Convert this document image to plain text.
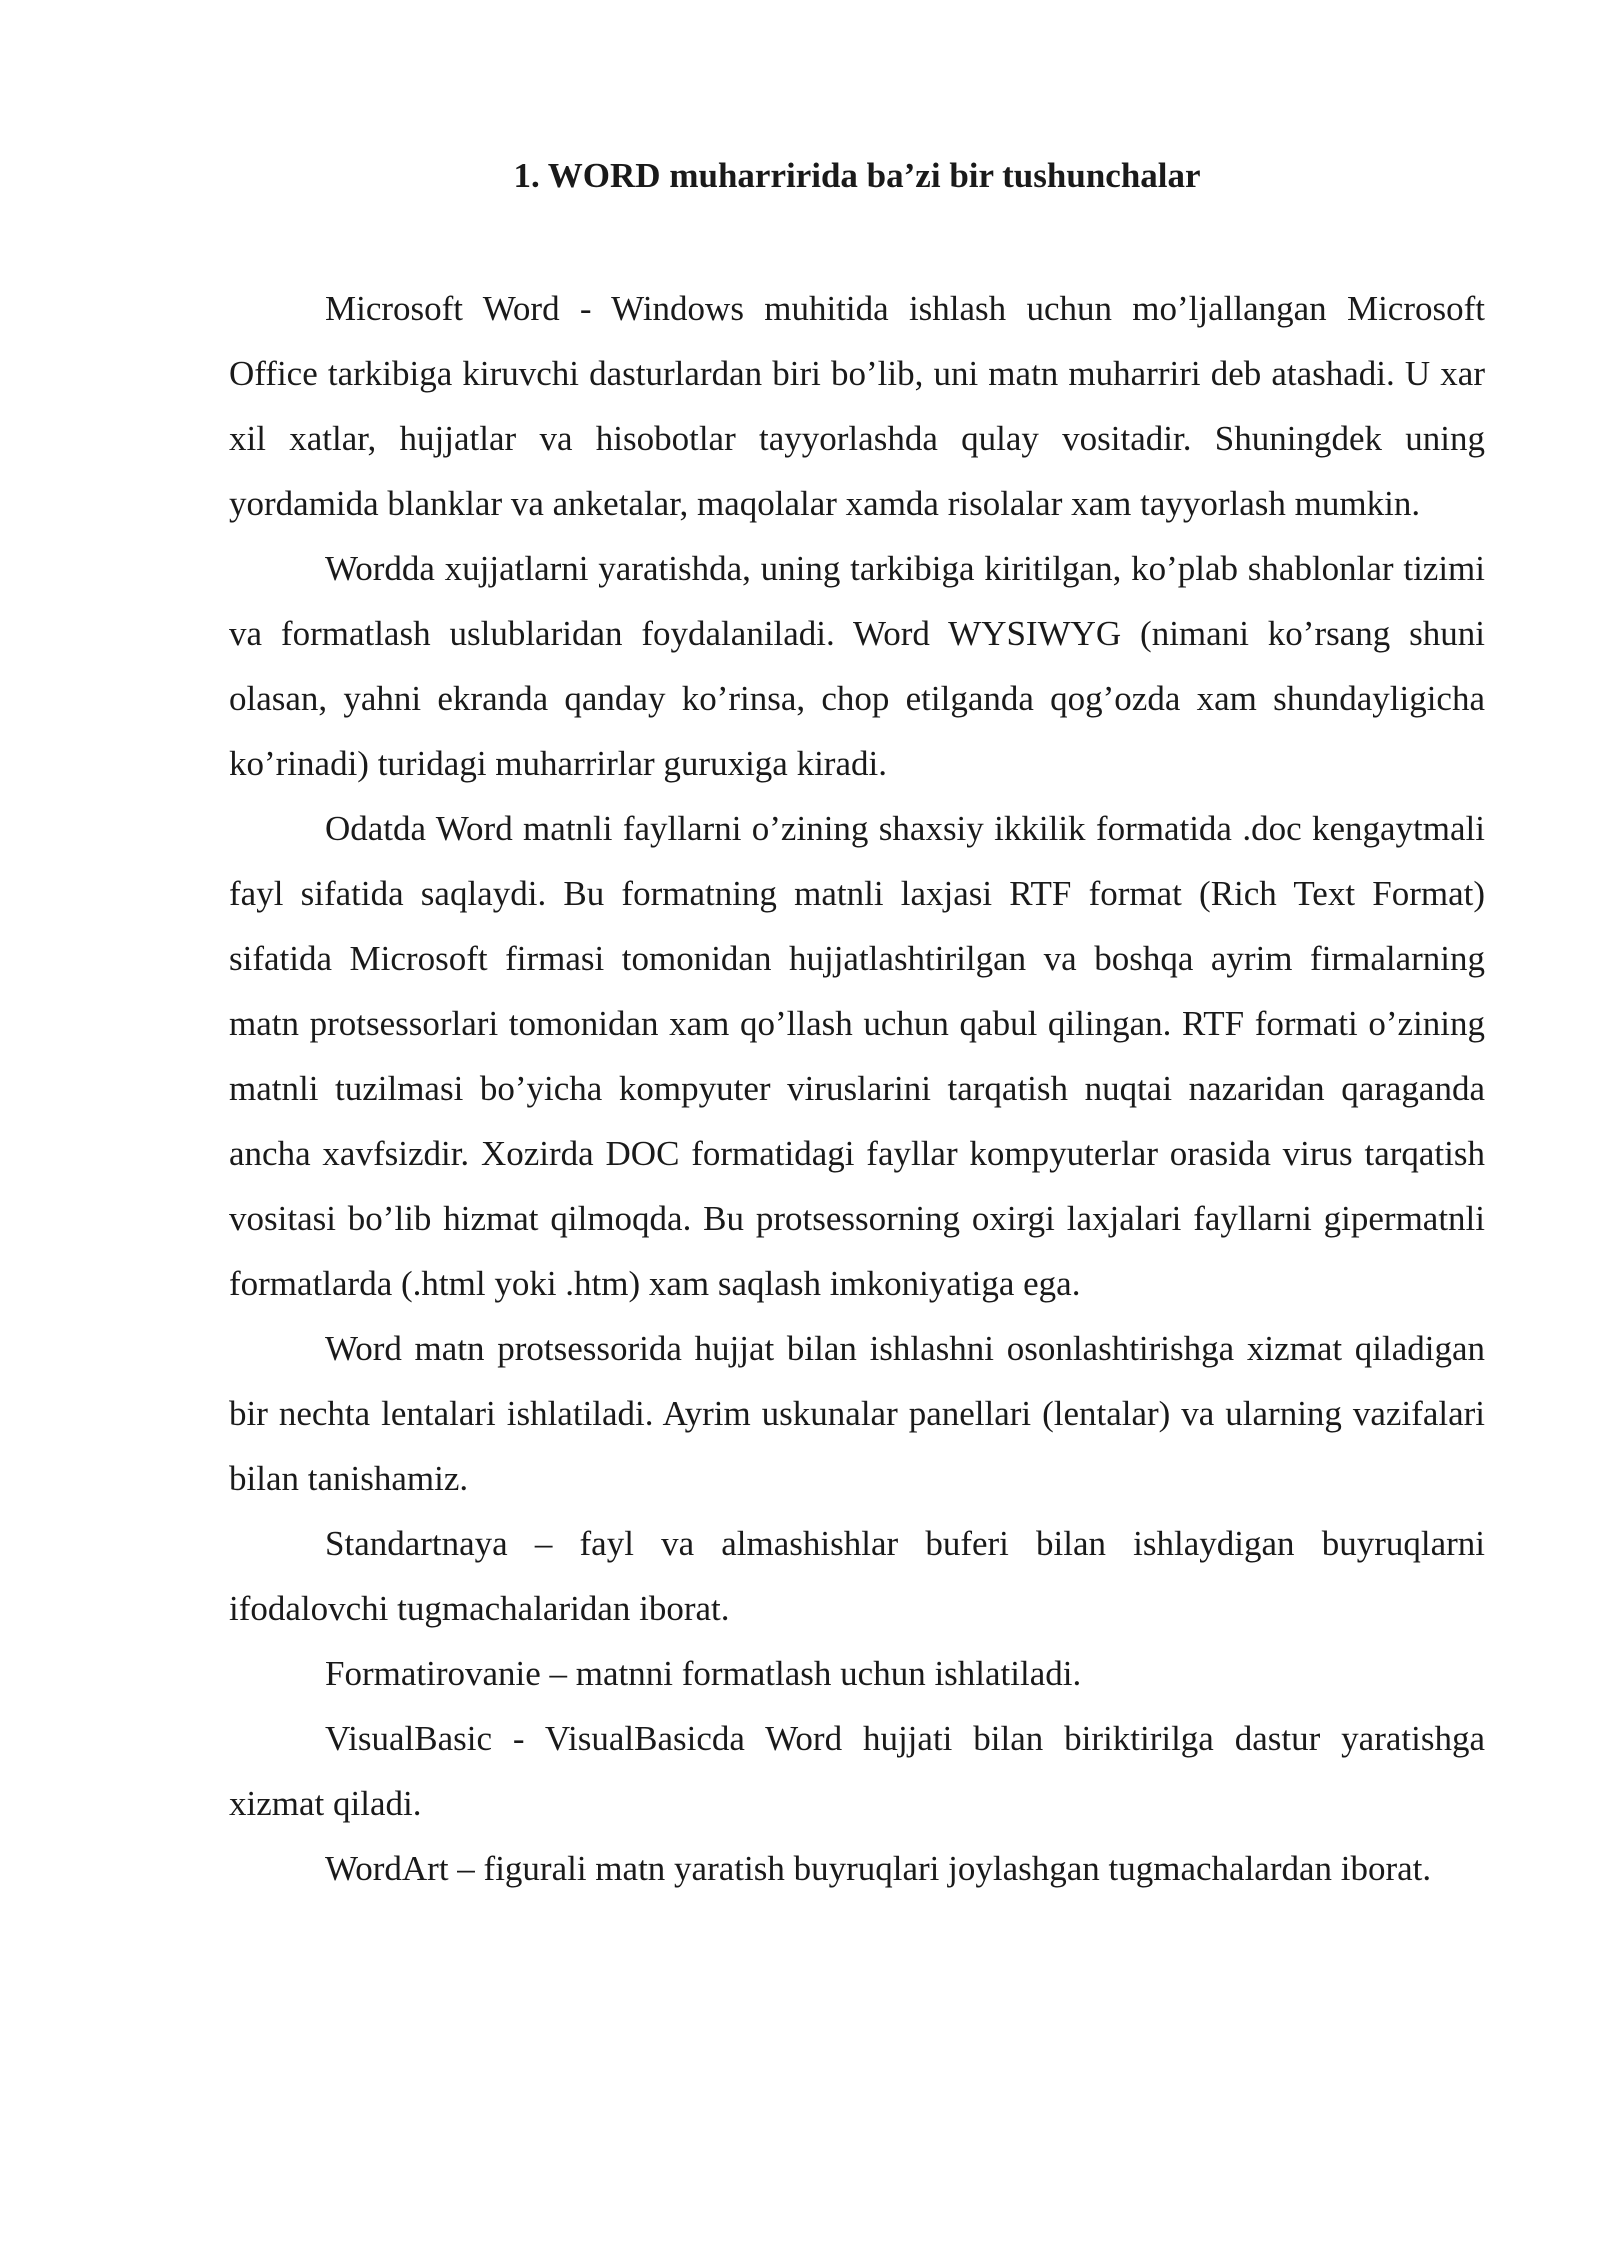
1. WORD muharririda ba’zi bir tushunchalar

Microsoft Word - Windows muhitida ishlash uchun mo’ljallangan Microsoft Office tarkibiga kiruvchi dasturlardan biri bo’lib, uni matn muharriri deb atashadi. U xar xil xatlar, hujjatlar va hisobotlar tayyorlashda qulay vositadir. Shuningdek uning yordamida blanklar va anketalar, maqolalar xamda risolalar xam tayyorlash mumkin.

Wordda xujjatlarni yaratishda, uning tarkibiga kiritilgan, ko’plab shablonlar tizimi va formatlash uslublaridan foydalaniladi. Word WYSIWYG (nimani ko’rsang shuni olasan, yahni ekranda qanday ko’rinsa, chop etilganda qog’ozda xam shundayligicha ko’rinadi) turidagi muharrirlar guruxiga kiradi.

Odatda Word matnli fayllarni o’zining shaxsiy ikkilik formatida .doc kengaytmali fayl sifatida saqlaydi. Bu formatning matnli laxjasi RTF format (Rich Text Format) sifatida Microsoft firmasi tomonidan hujjatlashtirilgan va boshqa ayrim firmalarning matn protsessorlari tomonidan xam qo’llash uchun qabul qilingan. RTF formati o’zining matnli tuzilmasi bo’yicha kompyuter viruslarini tarqatish nuqtai nazaridan qaraganda ancha xavfsizdir. Xozirda DOC formatidagi fayllar kompyuterlar orasida virus tarqatish vositasi bo’lib hizmat qilmoqda. Bu protsessorning oxirgi laxjalari fayllarni gipermatnli formatlarda (.html yoki .htm) xam saqlash imkoniyatiga ega.

Word matn protsessorida hujjat bilan ishlashni osonlashtirishga xizmat qiladigan bir nechta lentalari ishlatiladi. Ayrim uskunalar panellari (lentalar) va ularning vazifalari bilan tanishamiz.

Standartnaya – fayl va almashishlar buferi bilan ishlaydigan buyruqlarni ifodalovchi tugmachalaridan iborat.

Formatirovanie – matnni formatlash uchun ishlatiladi.

VisualBasic - VisualBasicda Word hujjati bilan biriktirilga dastur yaratishga xizmat qiladi.

WordArt – figurali matn yaratish buyruqlari joylashgan tugmachalardan iborat.
